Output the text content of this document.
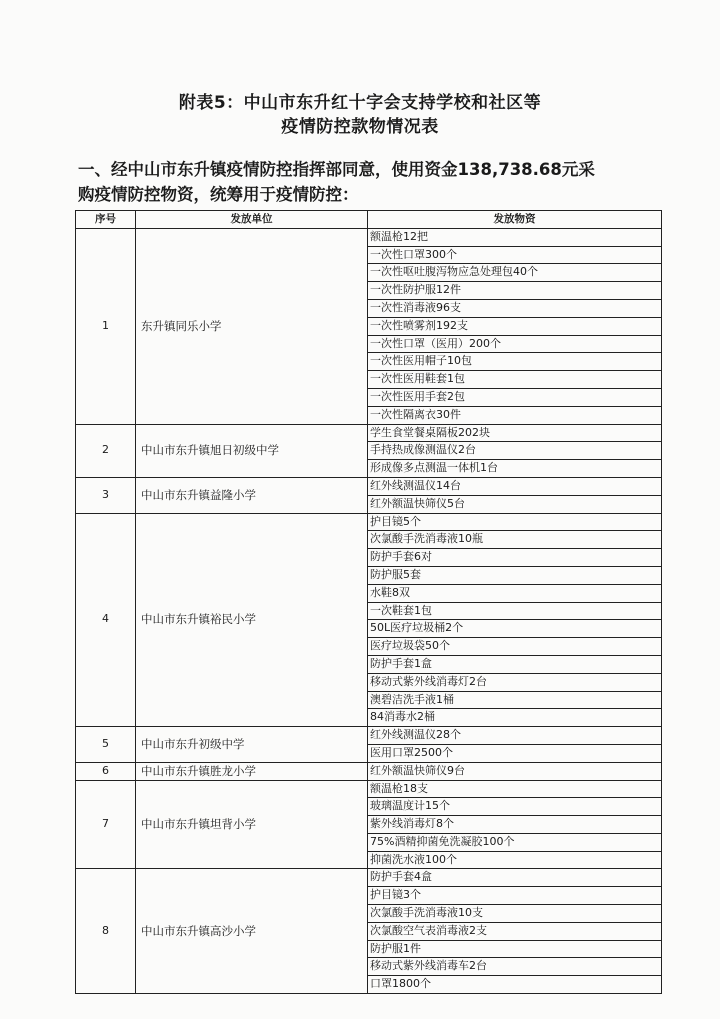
附表5：中山市东升红十字会支持学校和社区等
疫情防控款物情况表
一、经中山市东升镇疫情防控指挥部同意，使用资金138,738.68元采
购疫情防控物资，统筹用于疫情防控：
序号	发放单位	发放物资
1	东升镇同乐小学	额温枪12把
		一次性口罩300个
		一次性呕吐腹泻物应急处理包40个
		一次性防护服12件
		一次性消毒液96支
		一次性喷雾剂192支
		一次性口罩（医用）200个
		一次性医用帽子10包
		一次性医用鞋套1包
		一次性医用手套2包
		一次性隔离衣30件
2	中山市东升镇旭日初级中学	学生食堂餐桌隔板202块
		手持热成像测温仪2台
		形成像多点测温一体机1台
3	中山市东升镇益隆小学	红外线测温仪14台
		红外额温快筛仪5台
4	中山市东升镇裕民小学	护目镜5个
		次氯酸手洗消毒液10瓶
		防护手套6对
		防护服5套
		水鞋8双
		一次鞋套1包
		50L医疗垃圾桶2个
		医疗垃圾袋50个
		防护手套1盒
		移动式紫外线消毒灯2台
		澳碧洁洗手液1桶
		84消毒水2桶
5	中山市东升初级中学	红外线测温仪28个
		医用口罩2500个
6	中山市东升镇胜龙小学	红外额温快筛仪9台
7	中山市东升镇坦背小学	额温枪18支
		玻璃温度计15个
		紫外线消毒灯8个
		75%酒精抑菌免洗凝胶100个
		抑菌洗水液100个
8	中山市东升镇高沙小学	防护手套4盒
		护目镜3个
		次氯酸手洗消毒液10支
		次氯酸空气表消毒液2支
		防护服1件
		移动式紫外线消毒车2台
		口罩1800个
